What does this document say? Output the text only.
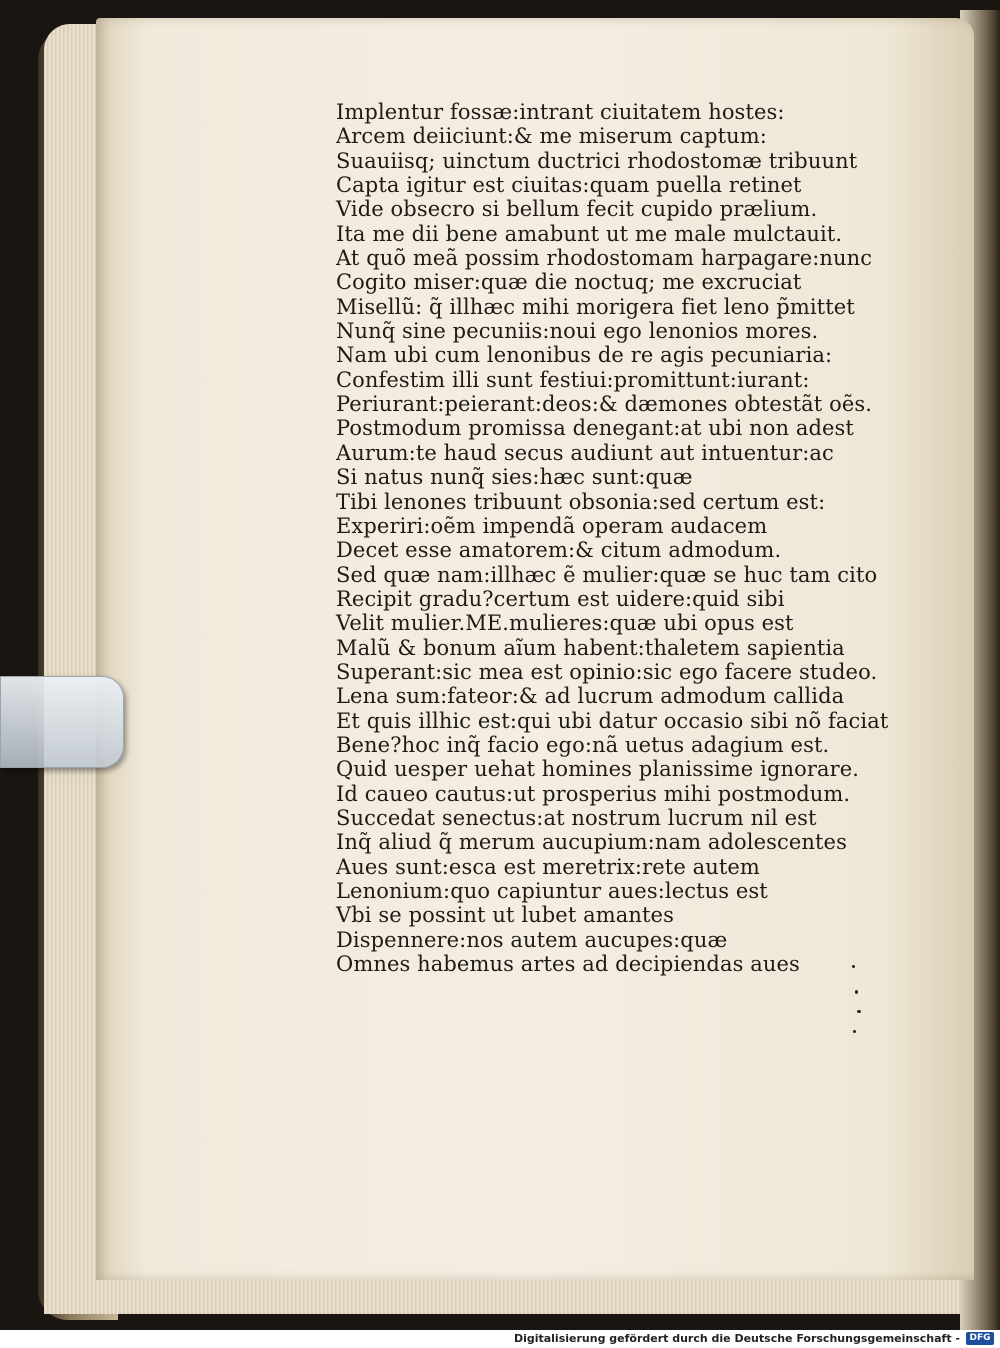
Implentur fossæ:intrant ciuitatem hostes:
Arcem deiiciunt:& me miserum captum:
Suauiisq; uinctum ductrici rhodostomæ tribuunt
Capta igitur est ciuitas:quam puella retinet
Vide obsecro si bellum fecit cupido prælium.
Ita me dii bene amabunt ut me male mulctauit.
At quõ meã possim rhodostomam harpagare:nunc
Cogito miser:quæ die noctuq; me excruciat
Misellũ: q̃ illhæc mihi morigera fiet leno p̃mittet
Nunq̃ sine pecuniis:noui ego lenonios mores.
Nam ubi cum lenonibus de re agis pecuniaria:
Confestim illi sunt festiui:promittunt:iurant:
Periurant:peierant:deos:& dæmones obtestãt oẽs.
Postmodum promissa denegant:at ubi non adest
Aurum:te haud secus audiunt aut intuentur:ac
Si natus nunq̃ sies:hæc sunt:quæ
Tibi lenones tribuunt obsonia:sed certum est:
Experiri:oẽm impendã operam audacem
Decet esse amatorem:& citum admodum.
Sed quæ nam:illhæc ẽ mulier:quæ se huc tam cito
Recipit gradu?certum est uidere:quid sibi
Velit mulier.ME.mulieres:quæ ubi opus est
Malũ & bonum aĩum habent:thaletem sapientia
Superant:sic mea est opinio:sic ego facere studeo.
Lena sum:fateor:& ad lucrum admodum callida
Et quis illhic est:qui ubi datur occasio sibi nõ faciat
Bene?hoc inq̃ facio ego:nã uetus adagium est.
Quid uesper uehat homines planissime ignorare.
Id caueo cautus:ut prosperius mihi postmodum.
Succedat senectus:at nostrum lucrum nil est
Inq̃ aliud q̃ merum aucupium:nam adolescentes
Aues sunt:esca est meretrix:rete autem
Lenonium:quo capiuntur aues:lectus est
Vbi se possint ut lubet amantes
Dispennere:nos autem aucupes:quæ
Omnes habemus artes ad decipiendas aues
Digitalisierung gefördert durch die Deutsche Forschungsgemeinschaft -	DFG
